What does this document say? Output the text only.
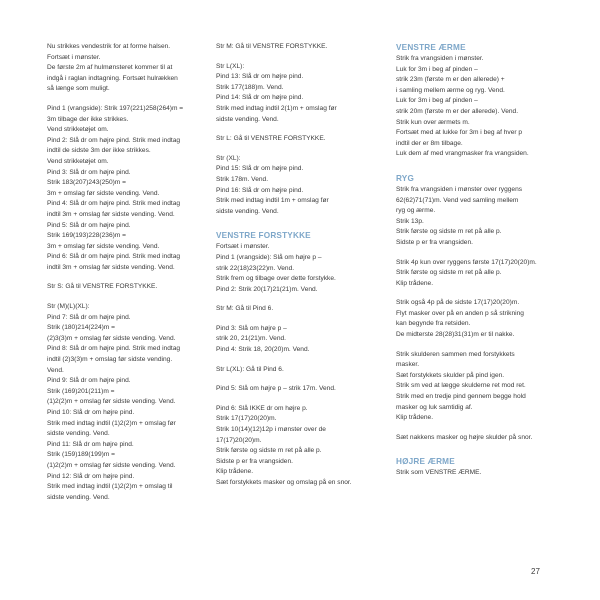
Nu strikkes vendestrik for at forme halsen.

Fortsæt i mønster.

De første 2m af hulmønsteret kommer til at

indgå i raglan indtagning. Fortsæt hulrækken

så længe som muligt.

Pind 1 (vrangside): Strik 197(221)258(264)m =

3m tilbage der ikke strikkes.

Vend strikketøjet om.

Pind 2: Slå dr om højre pind. Strik med indtag

indtil de sidste 3m der ikke strikkes.

Vend strikketøjet om.

Pind 3: Slå dr om højre pind.

Strik 183(207)243(250)m =

3m + omslag før sidste vending. Vend.

Pind 4: Slå dr om højre pind. Strik med indtag

indtil 3m + omslag før sidste vending. Vend.

Pind 5: Slå dr om højre pind.

Strik 169(193)228(236)m =

3m + omslag før sidste vending. Vend.

Pind 6: Slå dr om højre pind. Strik med indtag

indtil 3m + omslag før sidste vending. Vend.

Str S: Gå til VENSTRE FORSTYKKE.

Str (M)(L)(XL):

Pind 7: Slå dr om højre pind.

Strik (180)214(224)m =

(2)3(3)m + omslag før sidste vending. Vend.

Pind 8: Slå dr om højre pind. Strik med indtag

indtil (2)3(3)m + omslag før sidste vending.

Vend.

Pind 9: Slå dr om højre pind.

Strik (169)201(211)m =

(1)2(2)m + omslag før sidste vending. Vend.

Pind 10: Slå dr om højre pind.

Strik med indtag indtil (1)2(2)m + omslag før

sidste vending. Vend.

Pind 11: Slå dr om højre pind.

Strik (159)189(199)m =

(1)2(2)m + omslag før sidste vending. Vend.

Pind 12: Slå dr om højre pind.

Strik med indtag indtil (1)2(2)m + omslag til

sidste vending. Vend.

Str M: Gå til VENSTRE FORSTYKKE.

Str L(XL):

Pind 13: Slå dr om højre pind.

Strik 177(188)m. Vend.

Pind 14: Slå dr om højre pind.

Strik med indtag indtil 2(1)m + omslag før

sidste vending. Vend.

Str L: Gå til VENSTRE FORSTYKKE.

Str (XL):

Pind 15: Slå dr om højre pind.

Strik 178m. Vend.

Pind 16: Slå dr om højre pind.

Strik med indtag indtil 1m + omslag før

sidste vending. Vend.

VENSTRE FORSTYKKE

Fortsæt i mønster.

Pind 1 (vrangside): Slå om højre p –

strik 22(18)23(22)m. Vend.

Strik frem og tilbage over dette forstykke.

Pind 2: Strik 20(17)21(21)m. Vend.

Str M: Gå til Pind 6.

Pind 3: Slå om højre p –

strik 20, 21(21)m. Vend.

Pind 4: Strik 18, 20(20)m. Vend.

Str L(XL): Gå til Pind 6.

Pind 5: Slå om højre p – strik 17m. Vend.

Pind 6: Slå IKKE dr om højre p.

Strik 17(17)20(20)m.

Strik 10(14)(12)12p i mønster over de

17(17)20(20)m.

Strik første og sidste m ret på alle p.

Sidste p er fra vrangsiden.

Klip trådene.

Sæt forstykkets masker og omslag på en snor.

VENSTRE ÆRME

Strik fra vrangsiden i mønster.

Luk for 3m i beg af pinden –

strik 23m (første m er den allerede) +

i samling mellem ærme og ryg. Vend.

Luk for 3m i beg af pinden –

strik 20m (første m er der allerede). Vend.

Strik kun over ærmets m.

Fortsæt med at lukke for 3m i beg af hver p

indtil der er 8m tilbage.

Luk dem af med vrangmasker fra vrangsiden.

RYG

Strik fra vrangsiden i mønster over ryggens

62(62)71(71)m. Vend ved samling mellem

ryg og ærme.

Strik 13p.

Strik første og sidste m ret på alle p.

Sidste p er fra vrangsiden.

Strik 4p kun over ryggens første 17(17)20(20)m.

Strik første og sidste m ret på alle p.

Klip trådene.

Strik også 4p på de sidste 17(17)20(20)m.

Flyt masker over på en anden p så strikning

kan begynde fra retsiden.

De midterste 28(28)31(31)m er til nakke.

Strik skulderen sammen med forstykkets

masker.

Sæt forstykkets skulder på pind igen.

Strik sm ved at lægge skulderne ret mod ret.

Strik med en tredje pind gennem begge hold

masker og luk samtidig af.

Klip trådene.

Sæt nakkens masker og højre skulder på snor.

HØJRE ÆRME

Strik som VENSTRE ÆRME.

27
